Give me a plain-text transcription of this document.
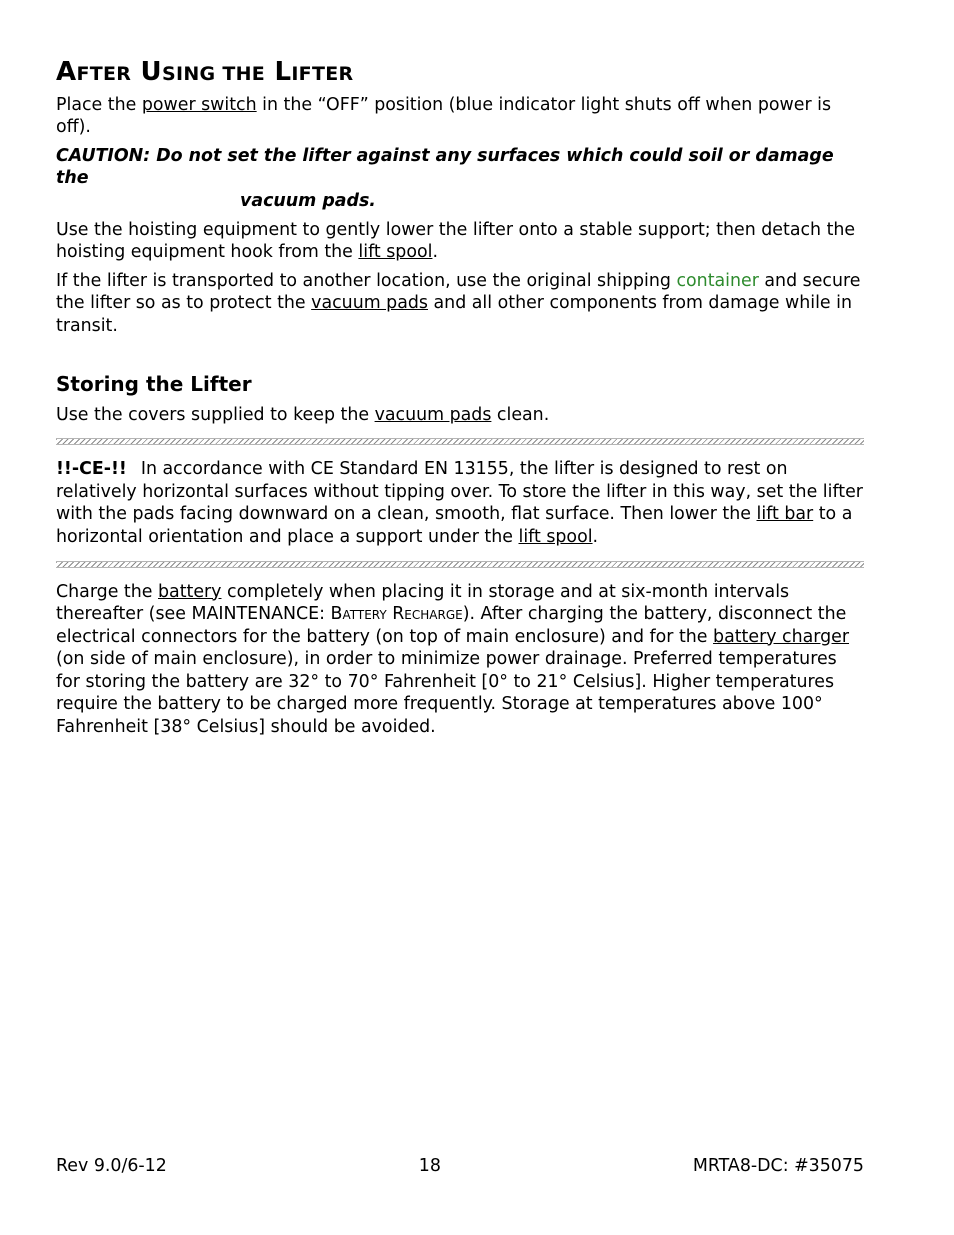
AFTER USING THE LIFTER

Place the power switch in the “OFF” position (blue indicator light shuts off when power is off).

CAUTION: Do not set the lifter against any surfaces which could soil or damage the
vacuum pads.

Use the hoisting equipment to gently lower the lifter onto a stable support; then detach the hoisting equipment hook from the lift spool.

If the lifter is transported to another location, use the original shipping container and secure the lifter so as to protect the vacuum pads and all other components from damage while in transit.

Storing the Lifter

Use the covers supplied to keep the vacuum pads clean.

!!-CE-!! In accordance with CE Standard EN 13155, the lifter is designed to rest on relatively horizontal surfaces without tipping over. To store the lifter in this way, set the lifter with the pads facing downward on a clean, smooth, flat surface. Then lower the lift bar to a horizontal orientation and place a support under the lift spool.

Charge the battery completely when placing it in storage and at six-month intervals thereafter (see MAINTENANCE: Battery Recharge). After charging the battery, disconnect the electrical connectors for the battery (on top of main enclosure) and for the battery charger (on side of main enclosure), in order to minimize power drainage. Preferred temperatures for storing the battery are 32° to 70° Fahrenheit [0° to 21° Celsius]. Higher temperatures require the battery to be charged more frequently. Storage at temperatures above 100° Fahrenheit [38° Celsius] should be avoided.

Rev 9.0/6-12	18	MRTA8-DC: #35075
